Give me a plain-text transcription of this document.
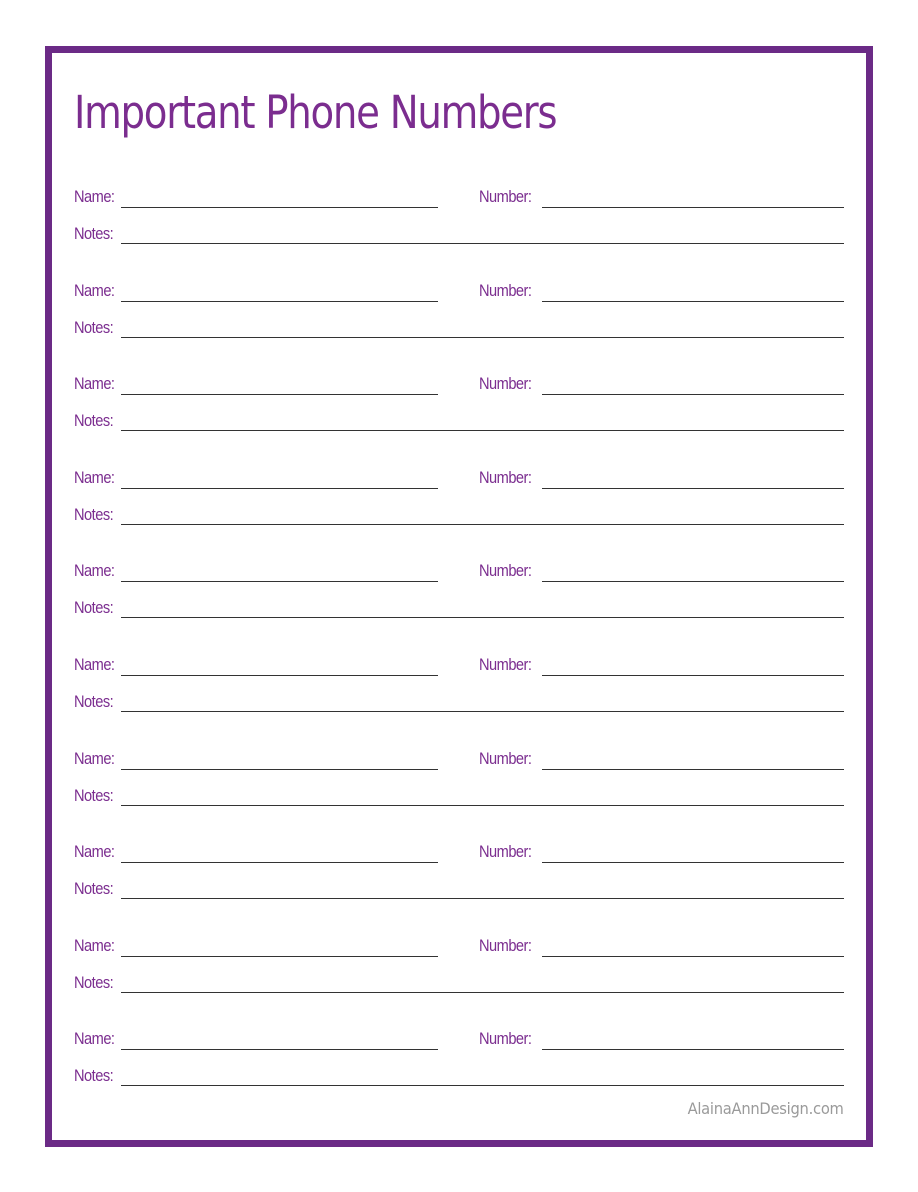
Important Phone Numbers
Name:	Number:
Notes:
Name:	Number:
Notes:
Name:	Number:
Notes:
Name:	Number:
Notes:
Name:	Number:
Notes:
Name:	Number:
Notes:
Name:	Number:
Notes:
Name:	Number:
Notes:
Name:	Number:
Notes:
Name:	Number:
Notes:
AlainaAnnDesign.com
